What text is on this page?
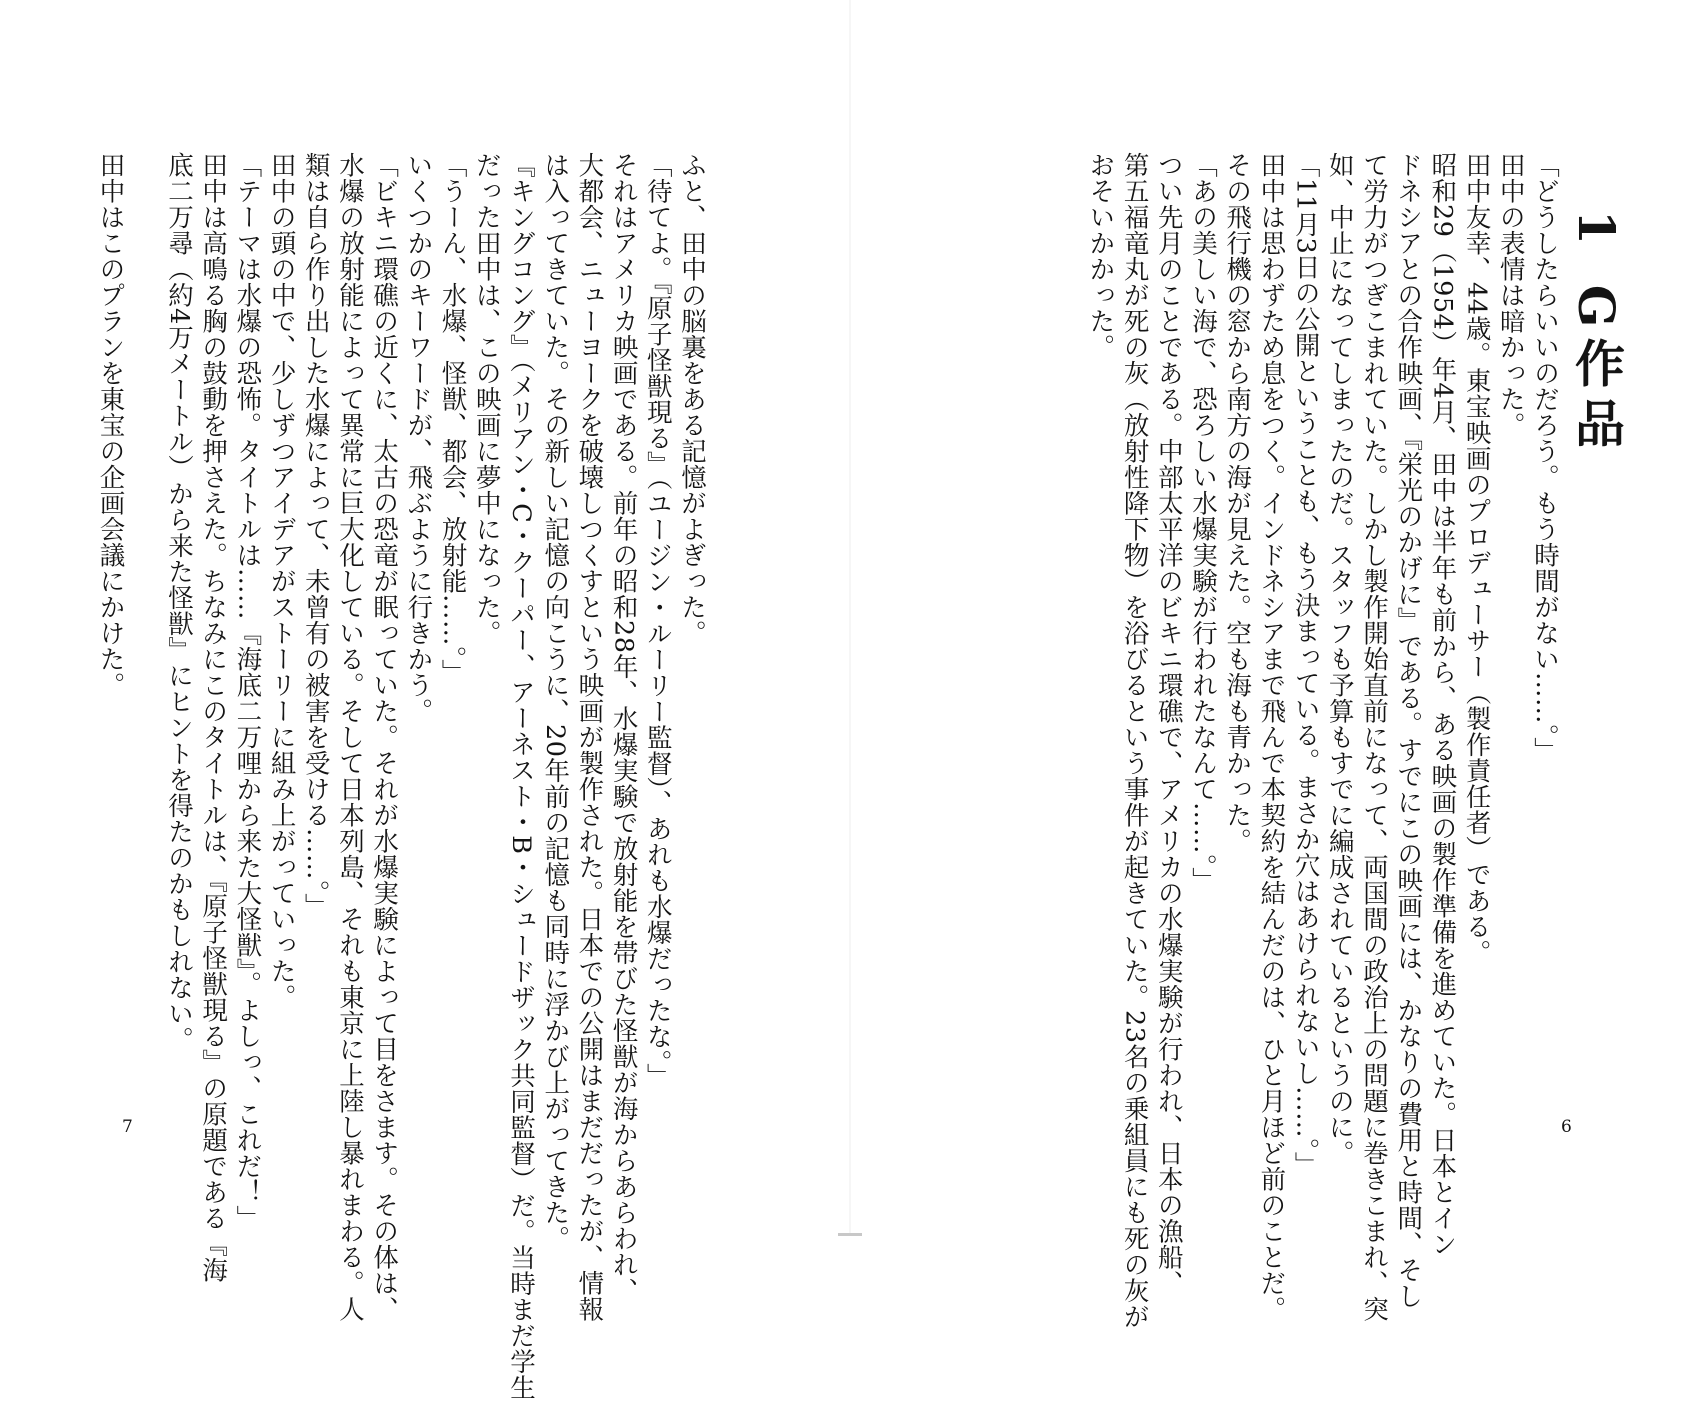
1G作品
「どうしたらいいのだろう。もう時間がない……。」
田中の表情は暗かった。
田中友幸、44歳。東宝映画のプロデューサー（製作責任者）である。
昭和29（1954）年4月、田中は半年も前から、ある映画の製作準備を進めていた。日本とイン
ドネシアとの合作映画、『栄光のかげに』である。すでにこの映画には、かなりの費用と時間、そし
て労力がつぎこまれていた。しかし製作開始直前になって、両国間の政治上の問題に巻きこまれ、突
如、中止になってしまったのだ。スタッフも予算もすでに編成されているというのに。
「11月3日の公開ということも、もう決まっている。まさか穴はあけられないし……。」
田中は思わずため息をつく。インドネシアまで飛んで本契約を結んだのは、ひと月ほど前のことだ。
その飛行機の窓から南方の海が見えた。空も海も青かった。
「あの美しい海で、恐ろしい水爆実験が行われたなんて……。」
つい先月のことである。中部太平洋のビキニ環礁で、アメリカの水爆実験が行われ、日本の漁船、
第五福竜丸が死の灰（放射性降下物）を浴びるという事件が起きていた。23名の乗組員にも死の灰が
おそいかかった。
6
ふと、田中の脳裏をある記憶がよぎった。
「待てよ。『原子怪獣現る』（ユージン・ルーリー監督）、あれも水爆だったな。」
それはアメリカ映画である。前年の昭和28年、水爆実験で放射能を帯びた怪獣が海からあらわれ、
大都会、ニューヨークを破壊しつくすという映画が製作された。日本での公開はまだだったが、情報
は入ってきていた。その新しい記憶の向こうに、20年前の記憶も同時に浮かび上がってきた。
『キングコング』（メリアン・C・クーパー、アーネスト・B・シュードザック共同監督）だ。当時まだ学生
だった田中は、この映画に夢中になった。
「うーん、水爆、怪獣、都会、放射能……。」
いくつかのキーワードが、飛ぶように行きかう。
「ビキニ環礁の近くに、太古の恐竜が眠っていた。それが水爆実験によって目をさます。その体は、
水爆の放射能によって異常に巨大化している。そして日本列島、それも東京に上陸し暴れまわる。人
類は自ら作り出した水爆によって、未曾有の被害を受ける……。」
田中の頭の中で、少しずつアイデアがストーリーに組み上がっていった。
「テーマは水爆の恐怖。タイトルは……『海底二万哩から来た大怪獣』。よしっ、これだ！」
田中は高鳴る胸の鼓動を押さえた。ちなみにこのタイトルは、『原子怪獣現る』の原題である『海
底二万尋（約4万メートル）から来た怪獣』にヒントを得たのかもしれない。

田中はこのプランを東宝の企画会議にかけた。
7
